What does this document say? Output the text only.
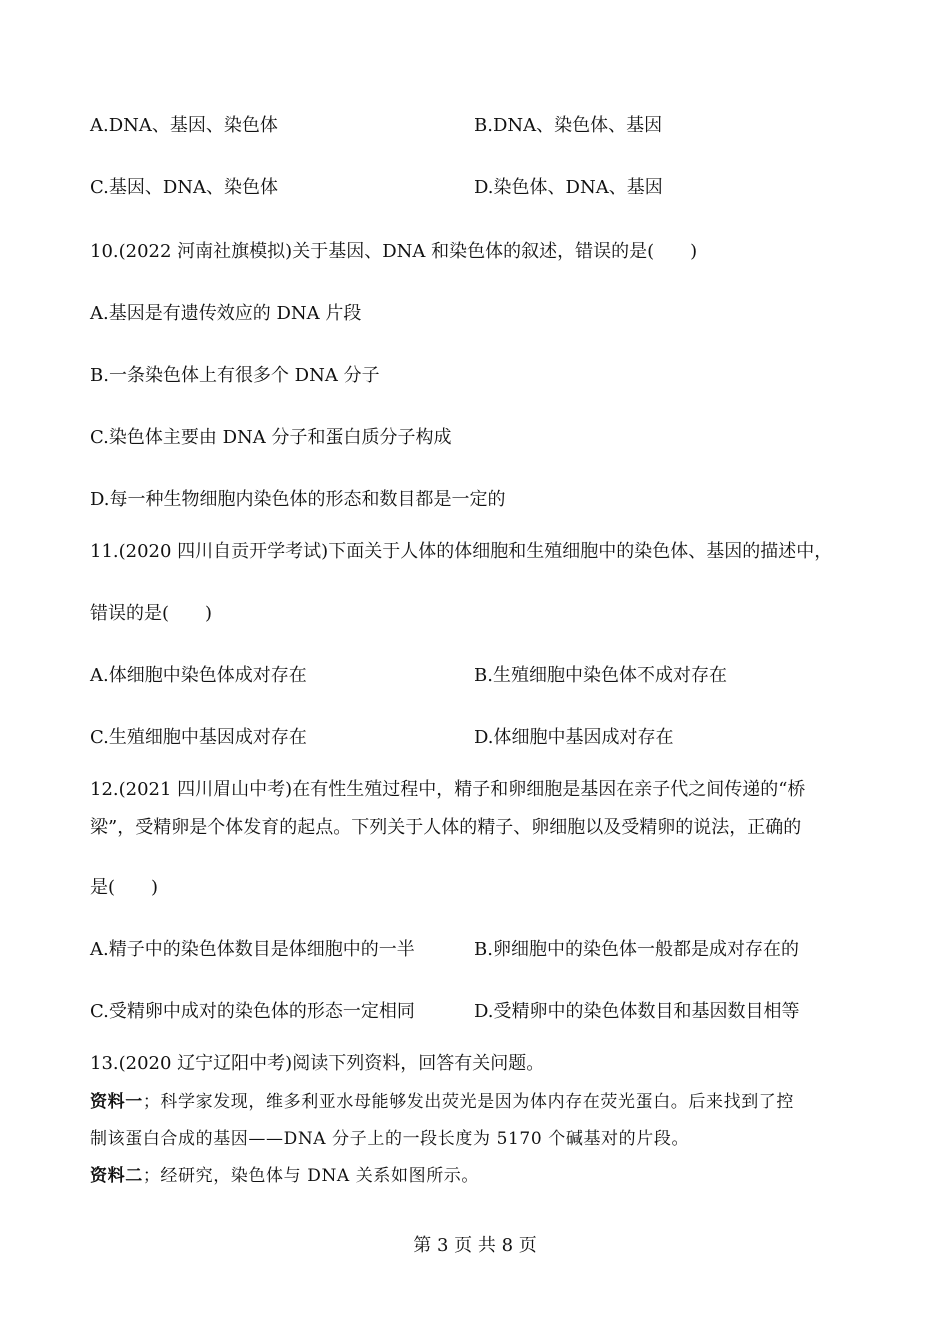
A.DNA、基因、染色体	B.DNA、染色体、基因
C.基因、DNA、染色体	D.染色体、DNA、基因
10.(2022 河南社旗模拟)关于基因、DNA 和染色体的叙述，错误的是(　　)
A.基因是有遗传效应的 DNA 片段
B.一条染色体上有很多个 DNA 分子
C.染色体主要由 DNA 分子和蛋白质分子构成
D.每一种生物细胞内染色体的形态和数目都是一定的
11.(2020 四川自贡开学考试)下面关于人体的体细胞和生殖细胞中的染色体、基因的描述中，
错误的是(　　)
A.体细胞中染色体成对存在	B.生殖细胞中染色体不成对存在
C.生殖细胞中基因成对存在	D.体细胞中基因成对存在
12.(2021 四川眉山中考)在有性生殖过程中，精子和卵细胞是基因在亲子代之间传递的“桥
梁”，受精卵是个体发育的起点。下列关于人体的精子、卵细胞以及受精卵的说法，正确的
是(　　)
A.精子中的染色体数目是体细胞中的一半	B.卵细胞中的染色体一般都是成对存在的
C.受精卵中成对的染色体的形态一定相同	D.受精卵中的染色体数目和基因数目相等
13.(2020 辽宁辽阳中考)阅读下列资料，回答有关问题。
资料一；科学家发现，维多利亚水母能够发出荧光是因为体内存在荧光蛋白。后来找到了控
制该蛋白合成的基因——DNA 分子上的一段长度为 5170 个碱基对的片段。
资料二；经研究，染色体与 DNA 关系如图所示。
第 3 页 共 8 页
